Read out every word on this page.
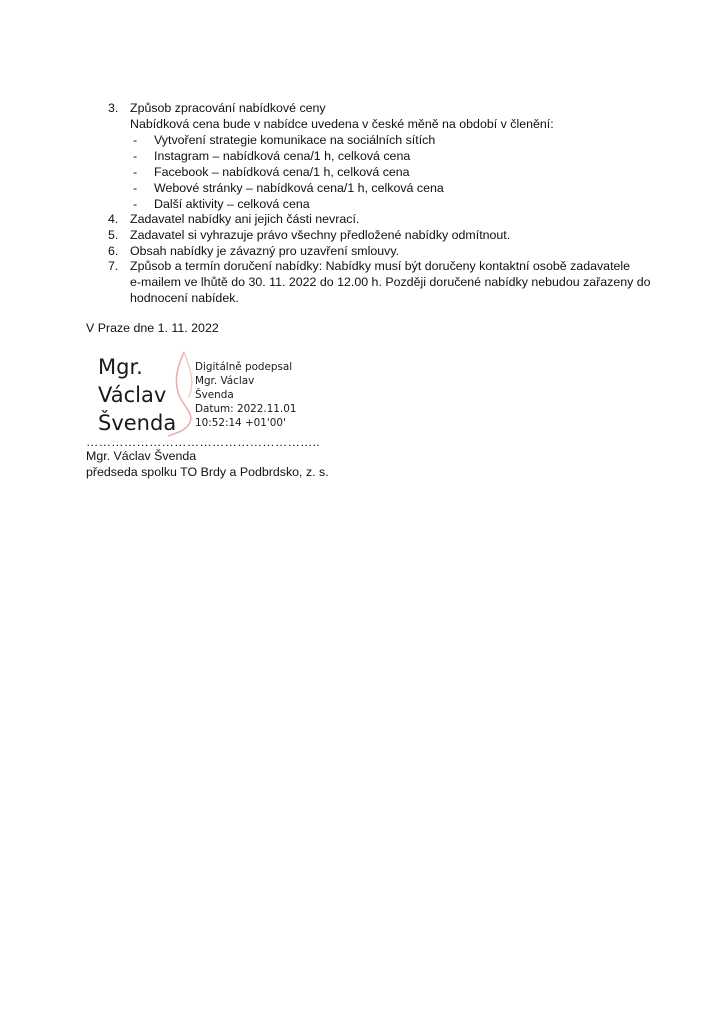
3. Způsob zpracování nabídkové ceny
Nabídková cena bude v nabídce uvedena v české měně na období v členění:
- Vytvoření strategie komunikace na sociálních sítích
- Instagram – nabídková cena/1 h, celková cena
- Facebook – nabídková cena/1 h, celková cena
- Webové stránky – nabídková cena/1 h, celková cena
- Další aktivity – celková cena
4. Zadavatel nabídky ani jejich části nevrací.
5. Zadavatel si vyhrazuje právo všechny předložené nabídky odmítnout.
6. Obsah nabídky je závazný pro uzavření smlouvy.
7. Způsob a termín doručení nabídky: Nabídky musí být doručeny kontaktní osobě zadavatele
e-mailem ve lhůtě do 30. 11. 2022 do 12.00 h. Později doručené nabídky nebudou zařazeny do
hodnocení nabídek.
V Praze dne 1. 11. 2022
Mgr.
Václav
Švenda
Digitálně podepsal
Mgr. Václav
Švenda
Datum: 2022.11.01
10:52:14 +01'00'
………………………………………………..
Mgr. Václav Švenda
předseda spolku TO Brdy a Podbrdsko, z. s.
